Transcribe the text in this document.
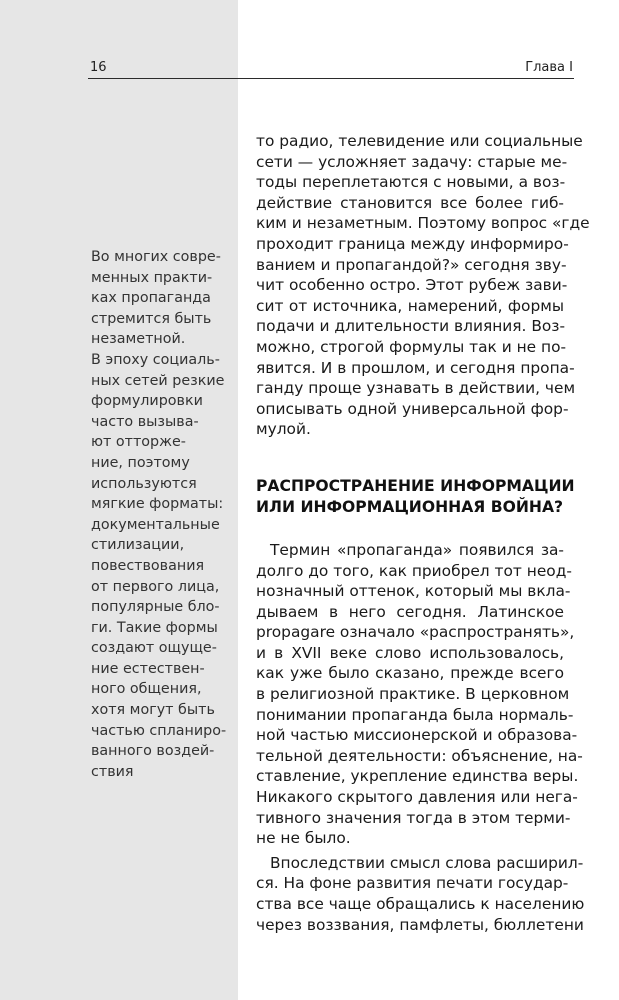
16	Глава I
Во многих совре-
менных практи-
ках пропаганда
стремится быть
незаметной.
В эпоху социаль-
ных сетей резкие
формулировки
часто вызыва-
ют отторже-
ние, поэтому
используются
мягкие форматы:
документальные
стилизации,
повествования
от первого лица,
популярные бло-
ги. Такие формы
создают ощуще-
ние естествен-
ного общения,
хотя могут быть
частью спланиро-
ванного воздей-
ствия
то радио, телевидение или социальные
сети — усложняет задачу: старые ме-
тоды переплетаются с новыми, а воз-
действие становится все более гиб-
ким и незаметным. Поэтому вопрос «где
проходит граница между информиро-
ванием и пропагандой?» сегодня зву-
чит особенно остро. Этот рубеж зави-
сит от источника, намерений, формы
подачи и длительности влияния. Воз-
можно, строгой формулы так и не по-
явится. И в прошлом, и сегодня пропа-
ганду проще узнавать в действии, чем
описывать одной универсальной фор-
мулой.
РАСПРОСТРАНЕНИЕ ИНФОРМАЦИИ
ИЛИ ИНФОРМАЦИОННАЯ ВОЙНА?
Термин «пропаганда» появился за-
долго до того, как приобрел тот неод-
нозначный оттенок, который мы вкла-
дываем в него сегодня. Латинское
propagare означало «распространять»,
и в XVII веке слово использовалось,
как уже было сказано, прежде всего
в религиозной практике. В церковном
понимании пропаганда была нормаль-
ной частью миссионерской и образова-
тельной деятельности: объяснение, на-
ставление, укрепление единства веры.
Никакого скрытого давления или нега-
тивного значения тогда в этом терми-
не не было.
Впоследствии смысл слова расширил-
ся. На фоне развития печати государ-
ства все чаще обращались к населению
через воззвания, памфлеты, бюллетени
